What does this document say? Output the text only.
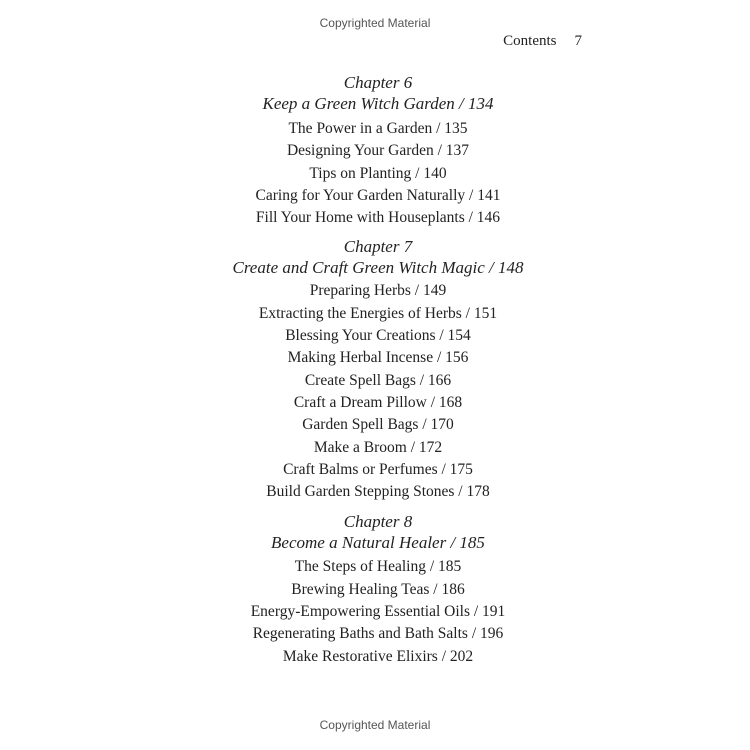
Copyrighted Material
Contents 7
Chapter 6
Keep a Green Witch Garden / 134
The Power in a Garden / 135
Designing Your Garden / 137
Tips on Planting / 140
Caring for Your Garden Naturally / 141
Fill Your Home with Houseplants / 146
Chapter 7
Create and Craft Green Witch Magic / 148
Preparing Herbs / 149
Extracting the Energies of Herbs / 151
Blessing Your Creations / 154
Making Herbal Incense / 156
Create Spell Bags / 166
Craft a Dream Pillow / 168
Garden Spell Bags / 170
Make a Broom / 172
Craft Balms or Perfumes / 175
Build Garden Stepping Stones / 178
Chapter 8
Become a Natural Healer / 185
The Steps of Healing / 185
Brewing Healing Teas / 186
Energy-Empowering Essential Oils / 191
Regenerating Baths and Bath Salts / 196
Make Restorative Elixirs / 202
Copyrighted Material
